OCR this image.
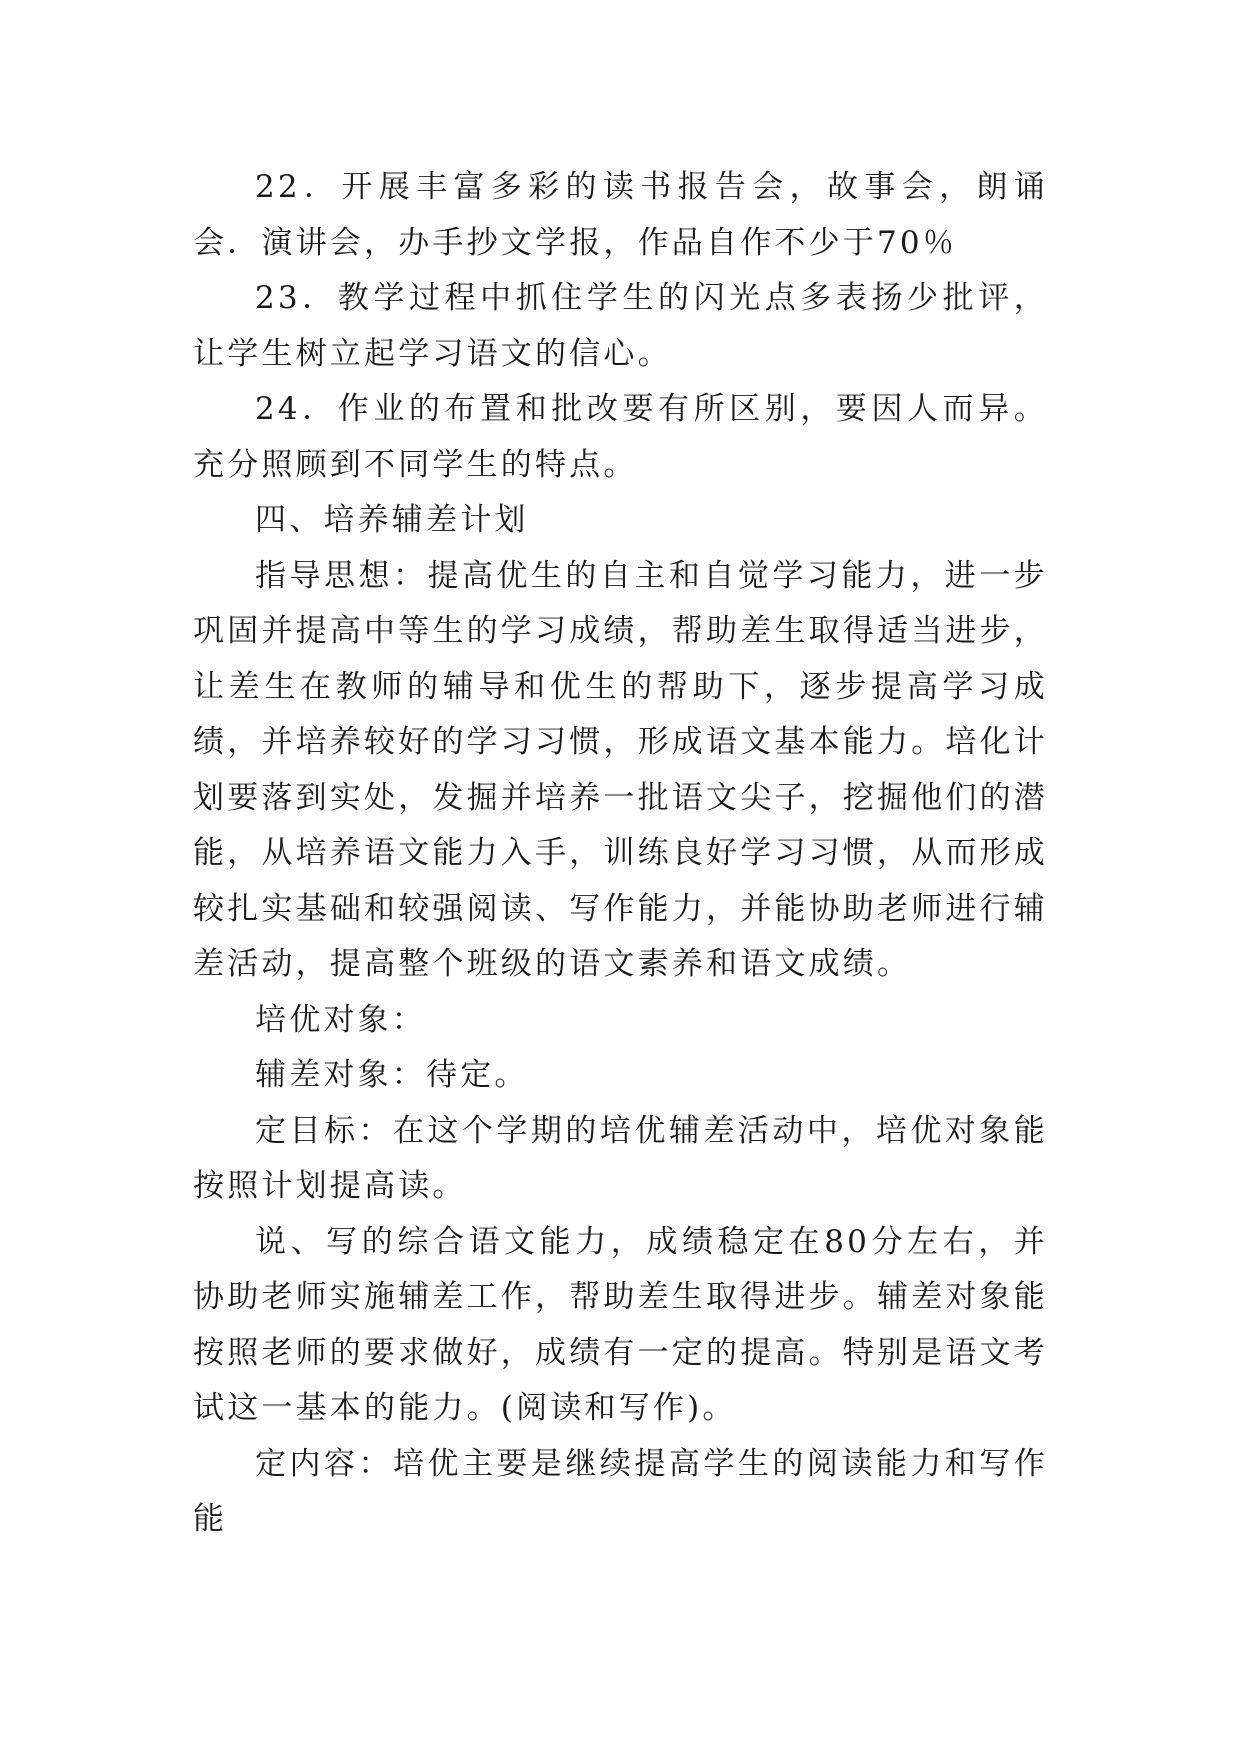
22．开展丰富多彩的读书报告会，故事会，朗诵会．演讲会，办手抄文学报，作品自作不少于70％

23．教学过程中抓住学生的闪光点多表扬少批评，让学生树立起学习语文的信心。

24．作业的布置和批改要有所区别，要因人而异。充分照顾到不同学生的特点。

四、培养辅差计划

指导思想：提高优生的自主和自觉学习能力，进一步巩固并提高中等生的学习成绩，帮助差生取得适当进步，让差生在教师的辅导和优生的帮助下，逐步提高学习成绩，并培养较好的学习习惯，形成语文基本能力。培化计划要落到实处，发掘并培养一批语文尖子，挖掘他们的潜能，从培养语文能力入手，训练良好学习习惯，从而形成较扎实基础和较强阅读、写作能力，并能协助老师进行辅差活动，提高整个班级的语文素养和语文成绩。

培优对象：

辅差对象：待定。

定目标：在这个学期的培优辅差活动中，培优对象能按照计划提高读。

说、写的综合语文能力，成绩稳定在80分左右，并协助老师实施辅差工作，帮助差生取得进步。辅差对象能按照老师的要求做好，成绩有一定的提高。特别是语文考试这一基本的能力。(阅读和写作)。

定内容：培优主要是继续提高学生的阅读能力和写作能
